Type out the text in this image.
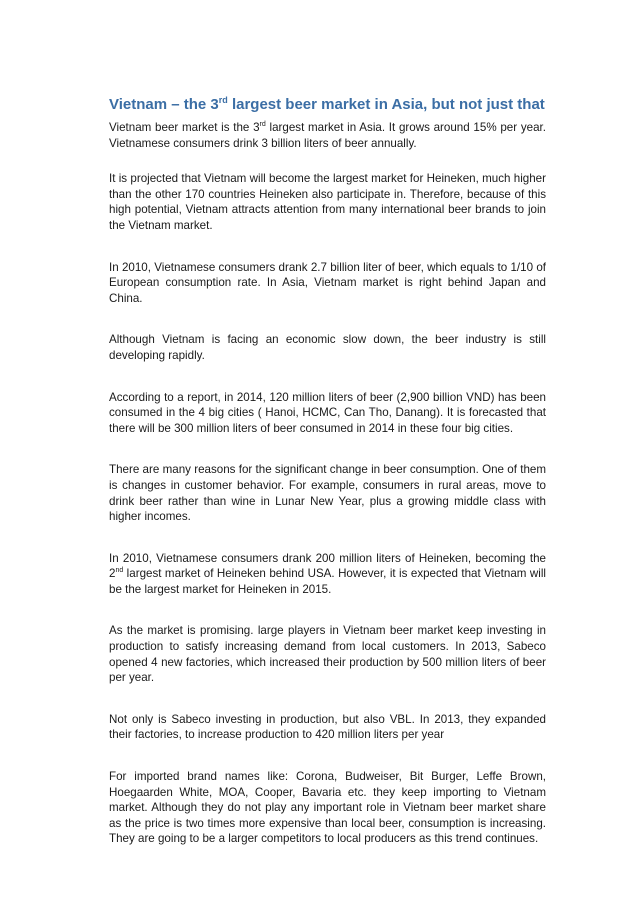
Vietnam – the 3rd largest beer market in Asia, but not just that

Vietnam beer market is the 3rd largest market in Asia. It grows around 15% per year. Vietnamese consumers drink 3 billion liters of beer annually.

It is projected that Vietnam will become the largest market for Heineken, much higher than the other 170 countries Heineken also participate in. Therefore, because of this high potential, Vietnam attracts attention from many international beer brands to join the Vietnam market.

In 2010, Vietnamese consumers drank 2.7 billion liter of beer, which equals to 1/10 of European consumption rate. In Asia, Vietnam market is right behind Japan and China.

Although Vietnam is facing an economic slow down, the beer industry is still developing rapidly.

According to a report, in 2014, 120 million liters of beer (2,900 billion VND) has been consumed in the 4 big cities ( Hanoi, HCMC, Can Tho, Danang). It is forecasted that there will be 300 million liters of beer consumed in 2014 in these four big cities.

There are many reasons for the significant change in beer consumption. One of them is changes in customer behavior. For example, consumers in rural areas, move to drink beer rather than wine in Lunar New Year, plus a growing middle class with higher incomes.

In 2010, Vietnamese consumers drank 200 million liters of Heineken, becoming the 2nd largest market of Heineken behind USA. However, it is expected that Vietnam will be the largest market for Heineken in 2015.

As the market is promising. large players in Vietnam beer market keep investing in production to satisfy increasing demand from local customers. In 2013, Sabeco opened 4 new factories, which increased their production by 500 million liters of beer per year.

Not only is Sabeco investing in production, but also VBL. In 2013, they expanded their factories, to increase production to 420 million liters per year

For imported brand names like: Corona, Budweiser, Bit Burger, Leffe Brown, Hoegaarden White, MOA, Cooper, Bavaria etc. they keep importing to Vietnam market. Although they do not play any important role in Vietnam beer market share as the price is two times more expensive than local beer, consumption is increasing. They are going to be a larger competitors to local producers as this trend continues.
